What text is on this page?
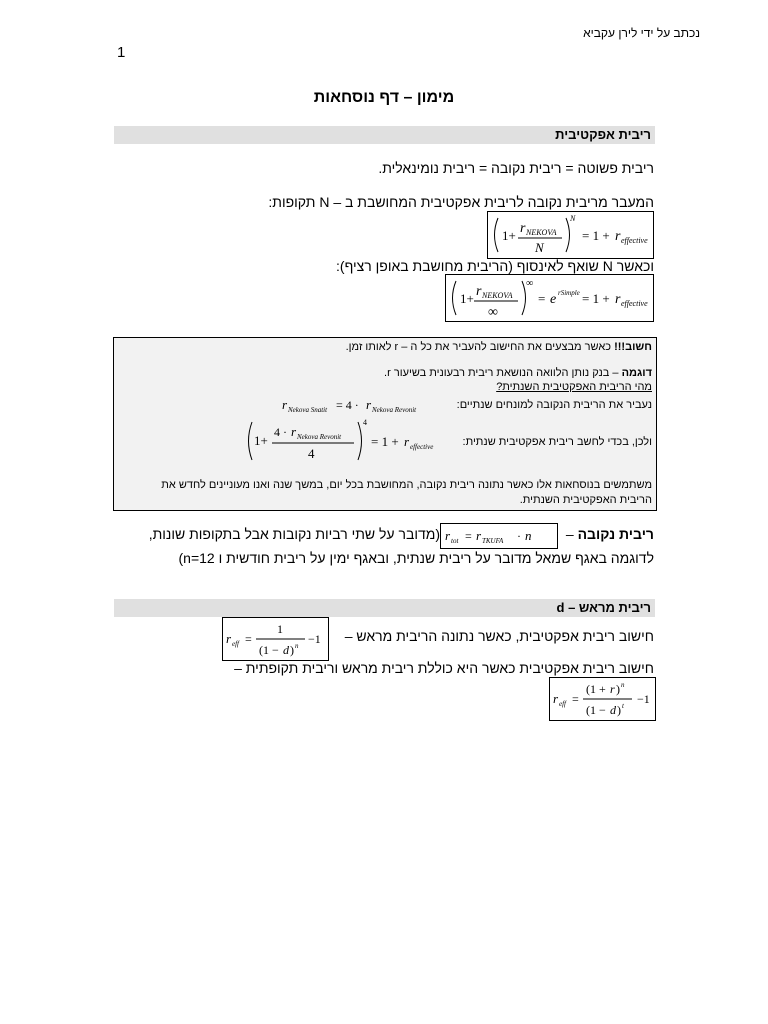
נכתב על ידי לירן עקביא
1
מימון – דף נוסחאות
ריבית אפקטיבית
ריבית פשוטה = ריבית נקובה = ריבית נומינאלית.
המעבר מריבית נקובה לריבית אפקטיבית המחושבת ב – N תקופות:
1+ r NEKOVA
N
N
= 1 + r effective
וכאשר N שואף לאינסוף (הריבית מחושבת באופן רציף):
1+ r NEKOVA
∞
∞
= e rSimple = 1 + r effective
חשוב!!! כאשר מבצעים את החישוב להעביר את כל ה – r לאותו זמן.
דוגמה – בנק נותן הלוואה הנושאת ריבית רבעונית בשיעור r.
מהי הריבית האפקטיבית השנתית?
נעביר את הריבית הנקובה למונחים שנתיים:
r Nekova Snatit = 4 · r Nekova Revonit
ולכן, בכדי לחשב ריבית אפקטיבית שנתית:
1+
4 · r Nekova Revonit
4
4
= 1 + r effective
משתמשים בנוסחאות אלו כאשר נתונה ריבית נקובה, המחושבת בכל יום, במשך שנה ואנו מעוניינים לחדש את
הריבית האפקטיבית השנתית.
ריבית נקובה – (מדובר על שתי רביות נקובות אבל בתקופות שונות, r tot = r TKUFA · n
לדוגמה באגף שמאל מדובר על ריבית שנתית, ובאגף ימין על ריבית חודשית ו n=12)
ריבית מראש – d
חישוב ריבית אפקטיבית, כאשר נתונה הריבית מראש –
r eff =
1
(1 − d ) n −1
חישוב ריבית אפקטיבית כאשר היא כוללת ריבית מראש וריבית תקופתית –
r eff =
(1 + r ) n
(1 − d ) t −1
